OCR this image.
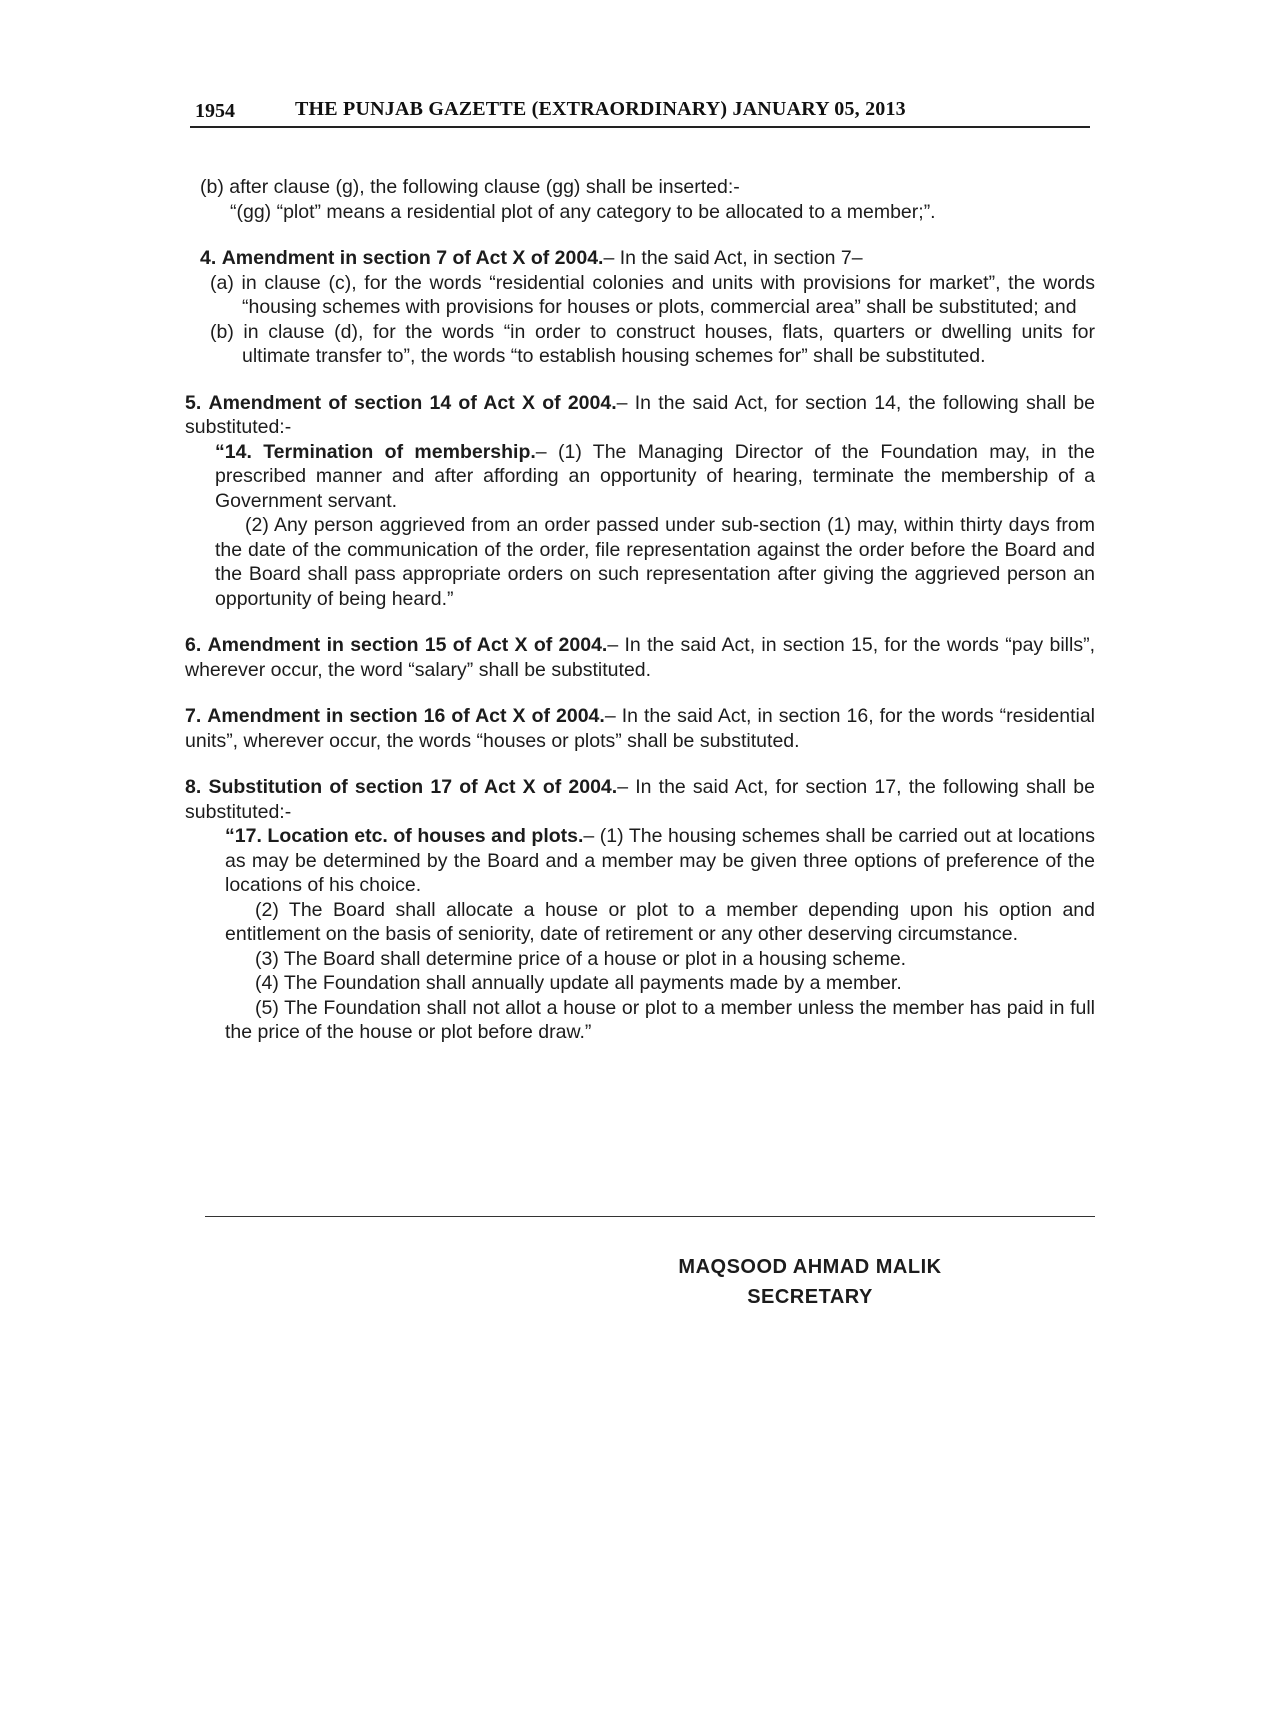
1954	THE PUNJAB GAZETTE (EXTRAORDINARY) JANUARY 05, 2013

(b) after clause (g), the following clause (gg) shall be inserted:-

“(gg) “plot” means a residential plot of any category to be allocated to a member;”.

4. Amendment in section 7 of Act X of 2004.– In the said Act, in section 7–

(a) in clause (c), for the words “residential colonies and units with provisions for market”, the words “housing schemes with provisions for houses or plots, commercial area” shall be substituted; and

(b) in clause (d), for the words “in order to construct houses, flats, quarters or dwelling units for ultimate transfer to”, the words “to establish housing schemes for” shall be substituted.

5. Amendment of section 14 of Act X of 2004.– In the said Act, for section 14, the following shall be substituted:-

“14. Termination of membership.– (1) The Managing Director of the Foundation may, in the prescribed manner and after affording an opportunity of hearing, terminate the membership of a Government servant.

(2) Any person aggrieved from an order passed under sub-section (1) may, within thirty days from the date of the communication of the order, file representation against the order before the Board and the Board shall pass appropriate orders on such representation after giving the aggrieved person an opportunity of being heard.”

6. Amendment in section 15 of Act X of 2004.– In the said Act, in section 15, for the words “pay bills”, wherever occur, the word “salary” shall be substituted.

7. Amendment in section 16 of Act X of 2004.– In the said Act, in section 16, for the words “residential units”, wherever occur, the words “houses or plots” shall be substituted.

8. Substitution of section 17 of Act X of 2004.– In the said Act, for section 17, the following shall be substituted:-

“17. Location etc. of houses and plots.– (1) The housing schemes shall be carried out at locations as may be determined by the Board and a member may be given three options of preference of the locations of his choice.

(2) The Board shall allocate a house or plot to a member depending upon his option and entitlement on the basis of seniority, date of retirement or any other deserving circumstance.

(3) The Board shall determine price of a house or plot in a housing scheme.

(4) The Foundation shall annually update all payments made by a member.

(5) The Foundation shall not allot a house or plot to a member unless the member has paid in full the price of the house or plot before draw.”

MAQSOOD AHMAD MALIK
SECRETARY
